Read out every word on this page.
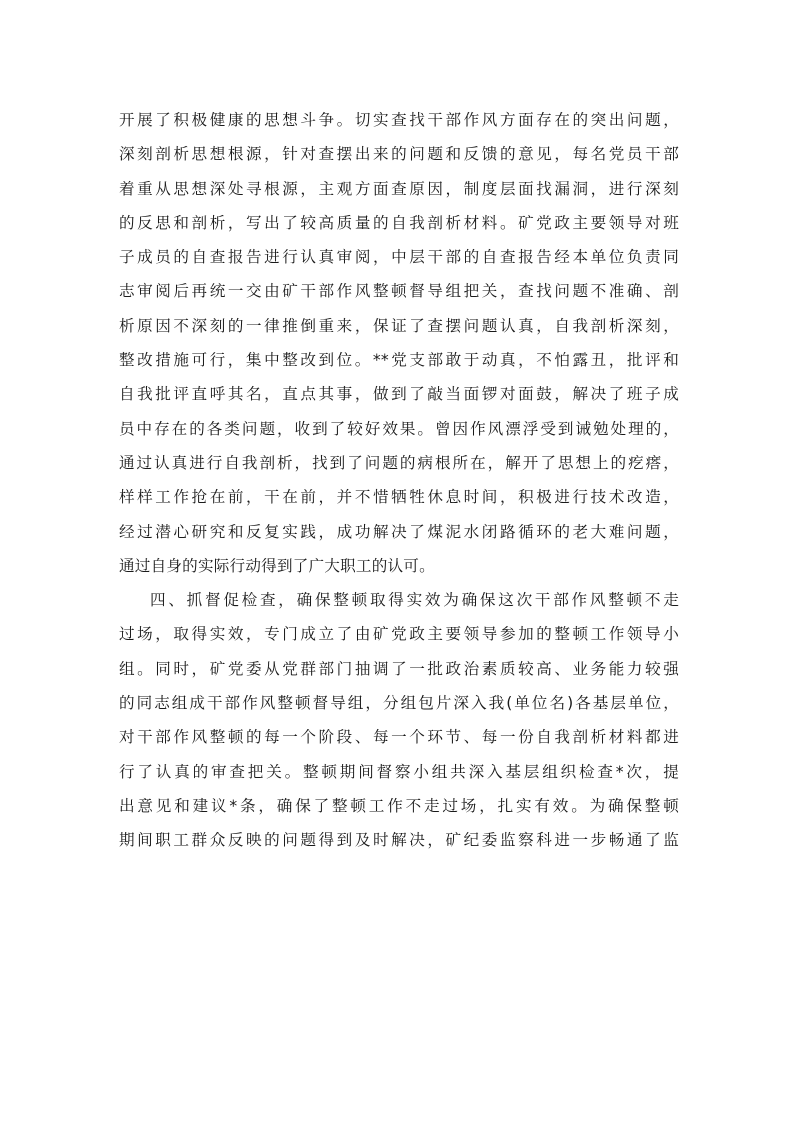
开展了积极健康的思想斗争。切实查找干部作风方面存在的突出问题，
深刻剖析思想根源，针对查摆出来的问题和反馈的意见，每名党员干部
着重从思想深处寻根源，主观方面查原因，制度层面找漏洞，进行深刻
的反思和剖析，写出了较高质量的自我剖析材料。矿党政主要领导对班
子成员的自查报告进行认真审阅，中层干部的自查报告经本单位负责同
志审阅后再统一交由矿干部作风整顿督导组把关，查找问题不准确、剖
析原因不深刻的一律推倒重来，保证了查摆问题认真，自我剖析深刻，
整改措施可行，集中整改到位。**党支部敢于动真，不怕露丑，批评和
自我批评直呼其名，直点其事，做到了敲当面锣对面鼓，解决了班子成
员中存在的各类问题，收到了较好效果。曾因作风漂浮受到诫勉处理的，
通过认真进行自我剖析，找到了问题的病根所在，解开了思想上的疙瘩，
样样工作抢在前，干在前，并不惜牺牲休息时间，积极进行技术改造，
经过潜心研究和反复实践，成功解决了煤泥水闭路循环的老大难问题，
通过自身的实际行动得到了广大职工的认可。
四、抓督促检查，确保整顿取得实效为确保这次干部作风整顿不走
过场，取得实效，专门成立了由矿党政主要领导参加的整顿工作领导小
组。同时，矿党委从党群部门抽调了一批政治素质较高、业务能力较强
的同志组成干部作风整顿督导组，分组包片深入我(单位名)各基层单位，
对干部作风整顿的每一个阶段、每一个环节、每一份自我剖析材料都进
行了认真的审查把关。整顿期间督察小组共深入基层组织检查*次，提
出意见和建议*条，确保了整顿工作不走过场，扎实有效。为确保整顿
期间职工群众反映的问题得到及时解决，矿纪委监察科进一步畅通了监
